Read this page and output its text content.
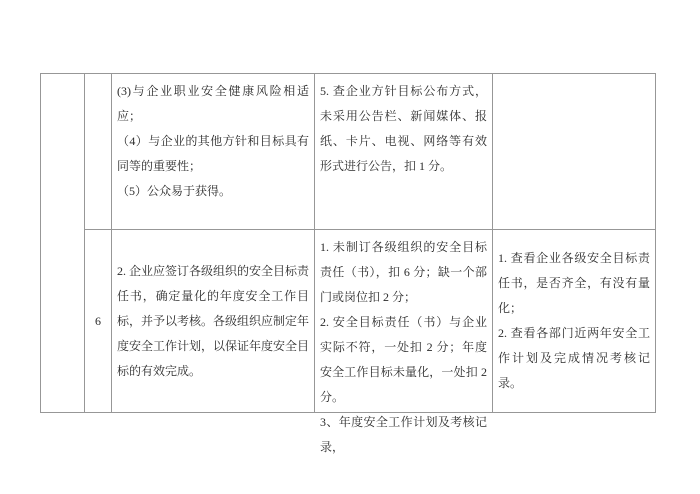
(3)与企业职业安全健康风险相适应；

（4）与企业的其他方针和目标具有同等的重要性；

（5）公众易于获得。

5. 查企业方针目标公布方式，未采用公告栏、新闻媒体、报纸、卡片、电视、网络等有效形式进行公告，扣 1 分。

6

2. 企业应签订各级组织的安全目标责任书，确定量化的年度安全工作目标，并予以考核。各级组织应制定年度安全工作计划，以保证年度安全目标的有效完成。

1. 未制订各级组织的安全目标责任（书），扣 6 分；缺一个部门或岗位扣 2 分；

2. 安全目标责任（书）与企业实际不符，一处扣 2 分；年度安全工作目标未量化，一处扣 2 分。

3、年度安全工作计划及考核记录，

1. 查看企业各级安全目标责任书，是否齐全，有没有量化；

2. 查看各部门近两年安全工作计划及完成情况考核记录。
